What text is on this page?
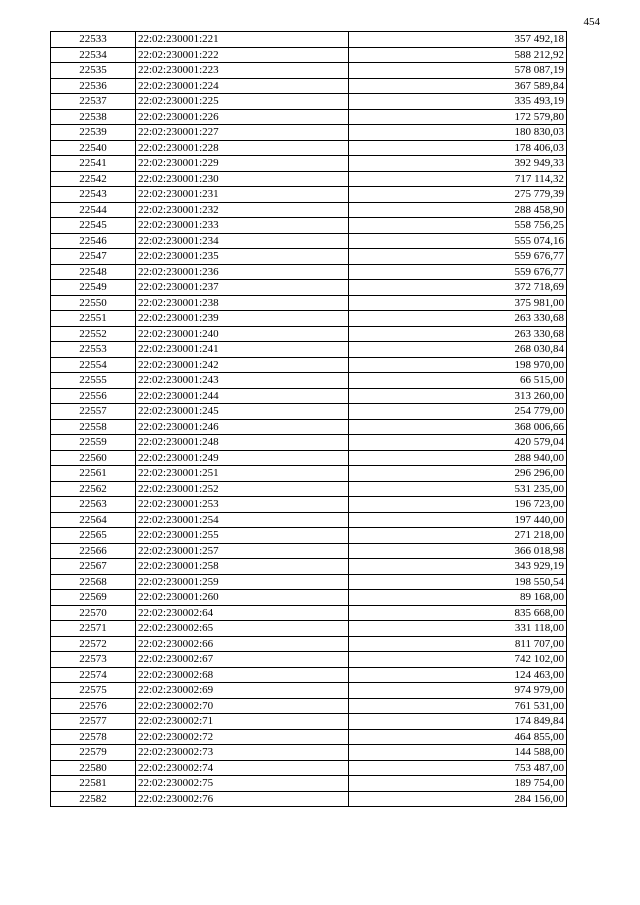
454
22533	22:02:230001:221	357 492,18
22534	22:02:230001:222	588 212,92
22535	22:02:230001:223	578 087,19
22536	22:02:230001:224	367 589,84
22537	22:02:230001:225	335 493,19
22538	22:02:230001:226	172 579,80
22539	22:02:230001:227	180 830,03
22540	22:02:230001:228	178 406,03
22541	22:02:230001:229	392 949,33
22542	22:02:230001:230	717 114,32
22543	22:02:230001:231	275 779,39
22544	22:02:230001:232	288 458,90
22545	22:02:230001:233	558 756,25
22546	22:02:230001:234	555 074,16
22547	22:02:230001:235	559 676,77
22548	22:02:230001:236	559 676,77
22549	22:02:230001:237	372 718,69
22550	22:02:230001:238	375 981,00
22551	22:02:230001:239	263 330,68
22552	22:02:230001:240	263 330,68
22553	22:02:230001:241	268 030,84
22554	22:02:230001:242	198 970,00
22555	22:02:230001:243	66 515,00
22556	22:02:230001:244	313 260,00
22557	22:02:230001:245	254 779,00
22558	22:02:230001:246	368 006,66
22559	22:02:230001:248	420 579,04
22560	22:02:230001:249	288 940,00
22561	22:02:230001:251	296 296,00
22562	22:02:230001:252	531 235,00
22563	22:02:230001:253	196 723,00
22564	22:02:230001:254	197 440,00
22565	22:02:230001:255	271 218,00
22566	22:02:230001:257	366 018,98
22567	22:02:230001:258	343 929,19
22568	22:02:230001:259	198 550,54
22569	22:02:230001:260	89 168,00
22570	22:02:230002:64	835 668,00
22571	22:02:230002:65	331 118,00
22572	22:02:230002:66	811 707,00
22573	22:02:230002:67	742 102,00
22574	22:02:230002:68	124 463,00
22575	22:02:230002:69	974 979,00
22576	22:02:230002:70	761 531,00
22577	22:02:230002:71	174 849,84
22578	22:02:230002:72	464 855,00
22579	22:02:230002:73	144 588,00
22580	22:02:230002:74	753 487,00
22581	22:02:230002:75	189 754,00
22582	22:02:230002:76	284 156,00
